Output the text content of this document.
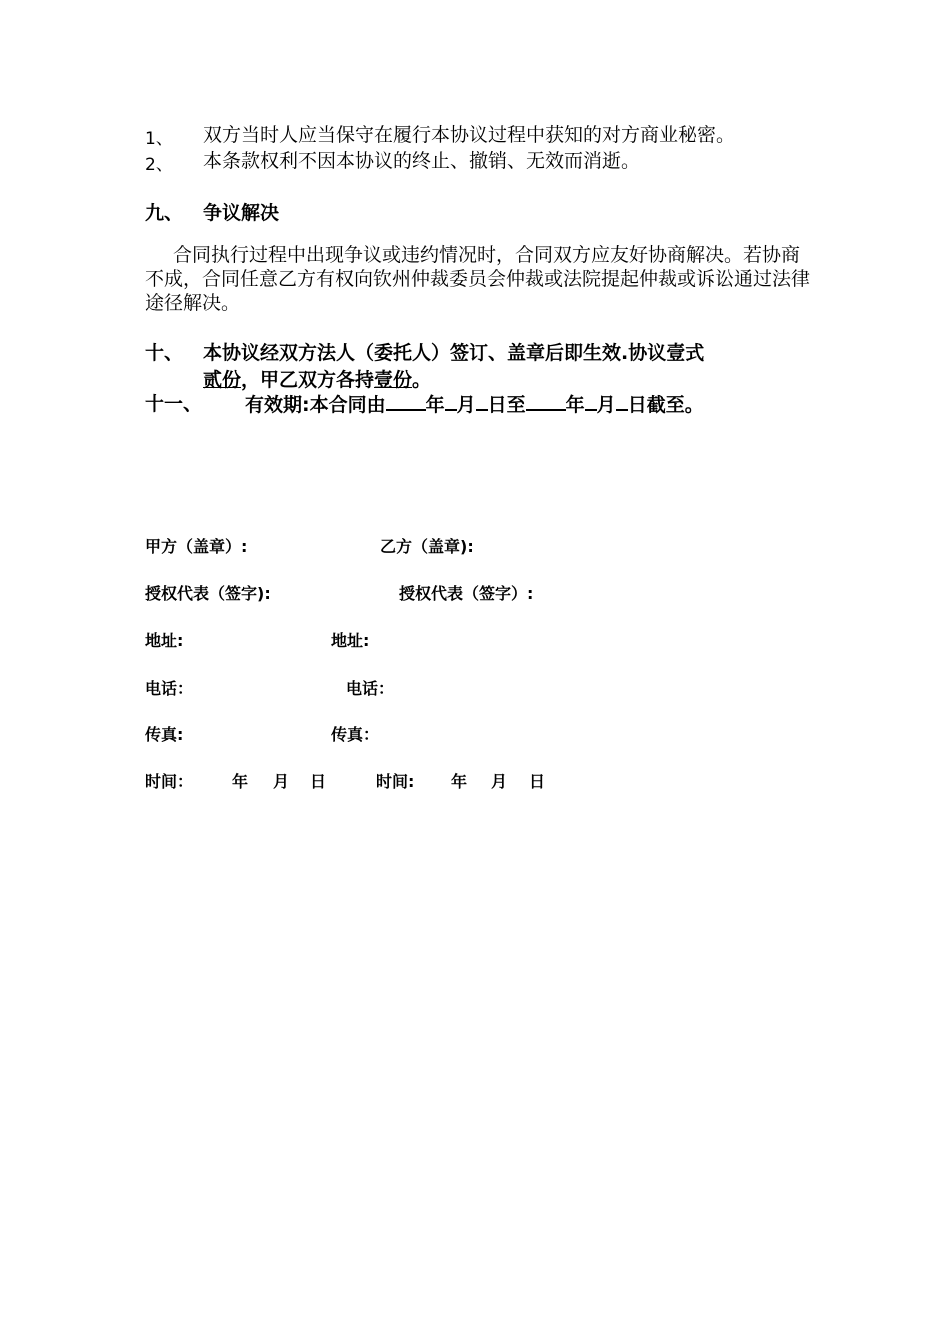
1、 双方当时人应当保守在履行本协议过程中获知的对方商业秘密。
2、 本条款权利不因本协议的终止、撤销、无效而消逝。
九、 争议解决
合同执行过程中出现争议或违约情况时，合同双方应友好协商解决。若协商不成，合同任意乙方有权向钦州仲裁委员会仲裁或法院提起仲裁或诉讼通过法律途径解决。
十、 本协议经双方法人（委托人）签订、盖章后即生效.协议壹式
贰份，甲乙双方各持壹份。
十一、 有效期:本合同由 年 月 日至 年 月 日截至。
甲方（盖章）:	乙方（盖章):
授权代表（签字):	授权代表（签字）:
地址:	地址:
电话：	电话：
传真:	传真：
时间： 年 月 日	时间: 年 月 日
